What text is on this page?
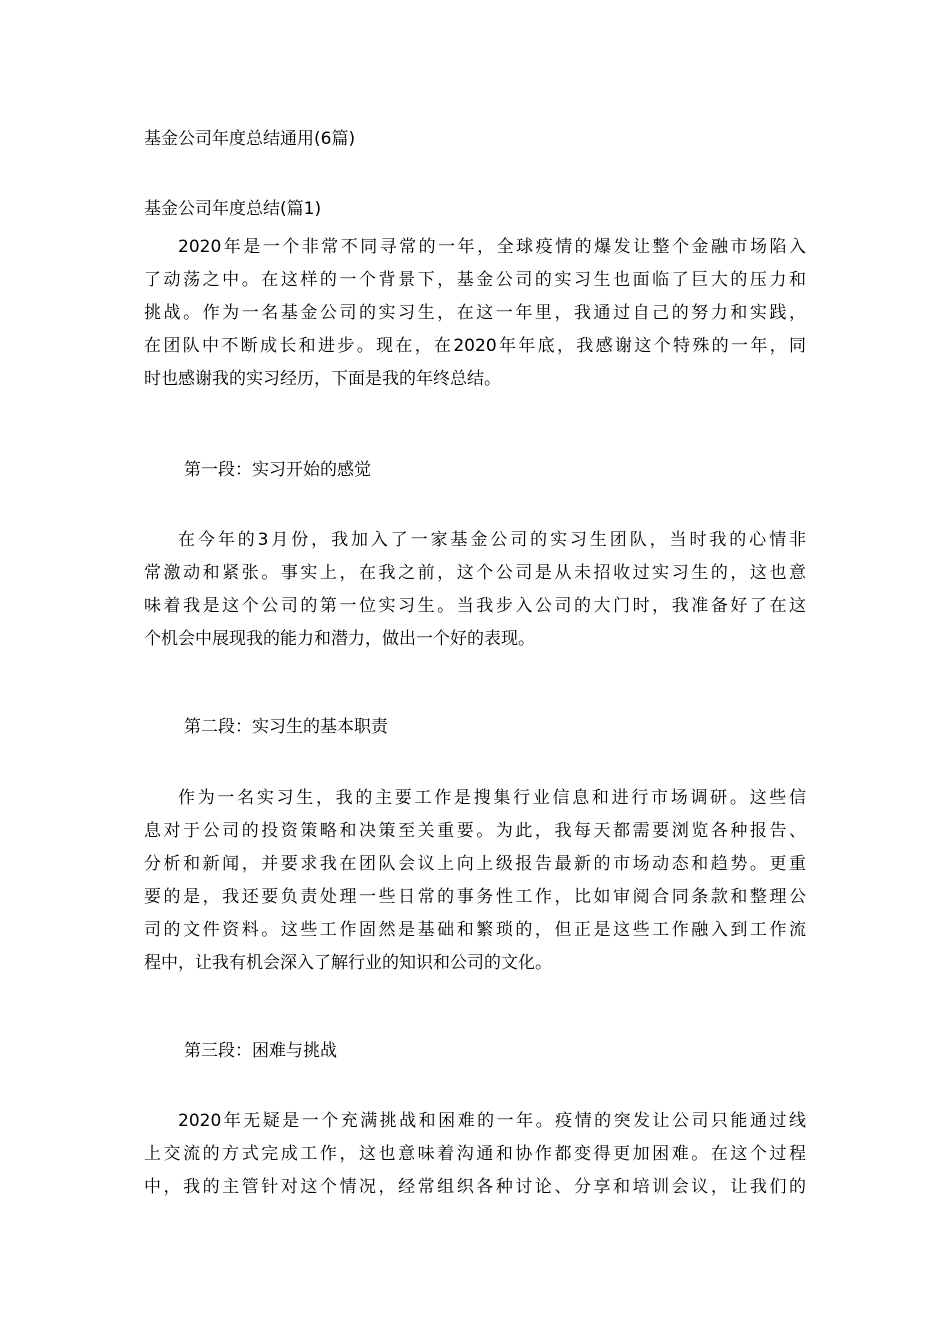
基金公司年度总结通用(6篇)
基金公司年度总结(篇1)
2020年是一个非常不同寻常的一年，全球疫情的爆发让整个金融市场陷入
了动荡之中。在这样的一个背景下，基金公司的实习生也面临了巨大的压力和
挑战。作为一名基金公司的实习生，在这一年里，我通过自己的努力和实践，
在团队中不断成长和进步。现在，在2020年年底，我感谢这个特殊的一年，同
时也感谢我的实习经历，下面是我的年终总结。
第一段：实习开始的感觉
在今年的3月份，我加入了一家基金公司的实习生团队，当时我的心情非
常激动和紧张。事实上，在我之前，这个公司是从未招收过实习生的，这也意
味着我是这个公司的第一位实习生。当我步入公司的大门时，我准备好了在这
个机会中展现我的能力和潜力，做出一个好的表现。
第二段：实习生的基本职责
作为一名实习生，我的主要工作是搜集行业信息和进行市场调研。这些信
息对于公司的投资策略和决策至关重要。为此，我每天都需要浏览各种报告、
分析和新闻，并要求我在团队会议上向上级报告最新的市场动态和趋势。更重
要的是，我还要负责处理一些日常的事务性工作，比如审阅合同条款和整理公
司的文件资料。这些工作固然是基础和繁琐的，但正是这些工作融入到工作流
程中，让我有机会深入了解行业的知识和公司的文化。
第三段：困难与挑战
2020年无疑是一个充满挑战和困难的一年。疫情的突发让公司只能通过线
上交流的方式完成工作，这也意味着沟通和协作都变得更加困难。在这个过程
中，我的主管针对这个情况，经常组织各种讨论、分享和培训会议，让我们的
